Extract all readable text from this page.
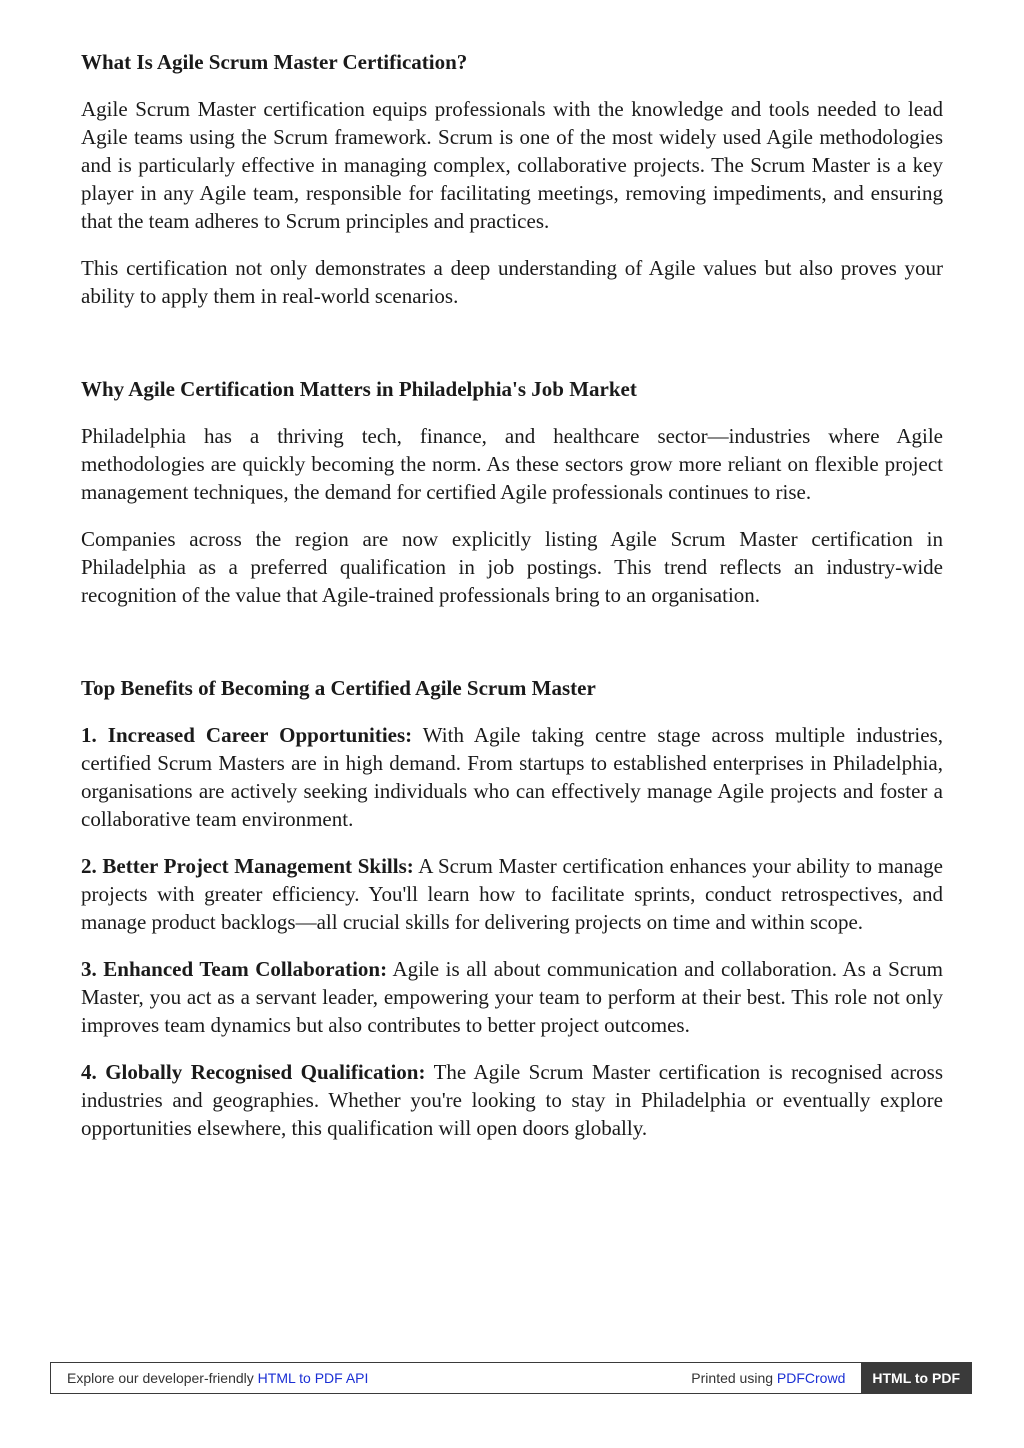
What Is Agile Scrum Master Certification?

Agile Scrum Master certification equips professionals with the knowledge and tools needed to lead Agile teams using the Scrum framework. Scrum is one of the most widely used Agile methodologies and is particularly effective in managing complex, collaborative projects. The Scrum Master is a key player in any Agile team, responsible for facilitating meetings, removing impediments, and ensuring that the team adheres to Scrum principles and practices.

This certification not only demonstrates a deep understanding of Agile values but also proves your ability to apply them in real-world scenarios.

Why Agile Certification Matters in Philadelphia's Job Market

Philadelphia has a thriving tech, finance, and healthcare sector—industries where Agile methodologies are quickly becoming the norm. As these sectors grow more reliant on flexible project management techniques, the demand for certified Agile professionals continues to rise.

Companies across the region are now explicitly listing Agile Scrum Master certification in Philadelphia as a preferred qualification in job postings. This trend reflects an industry-wide recognition of the value that Agile-trained professionals bring to an organisation.

Top Benefits of Becoming a Certified Agile Scrum Master

1. Increased Career Opportunities: With Agile taking centre stage across multiple industries, certified Scrum Masters are in high demand. From startups to established enterprises in Philadelphia, organisations are actively seeking individuals who can effectively manage Agile projects and foster a collaborative team environment.

2. Better Project Management Skills: A Scrum Master certification enhances your ability to manage projects with greater efficiency. You'll learn how to facilitate sprints, conduct retrospectives, and manage product backlogs—all crucial skills for delivering projects on time and within scope.

3. Enhanced Team Collaboration: Agile is all about communication and collaboration. As a Scrum Master, you act as a servant leader, empowering your team to perform at their best. This role not only improves team dynamics but also contributes to better project outcomes.

4. Globally Recognised Qualification: The Agile Scrum Master certification is recognised across industries and geographies. Whether you're looking to stay in Philadelphia or eventually explore opportunities elsewhere, this qualification will open doors globally.

Explore our developer-friendly HTML to PDF API	Printed using PDFCrowd	HTML to PDF
